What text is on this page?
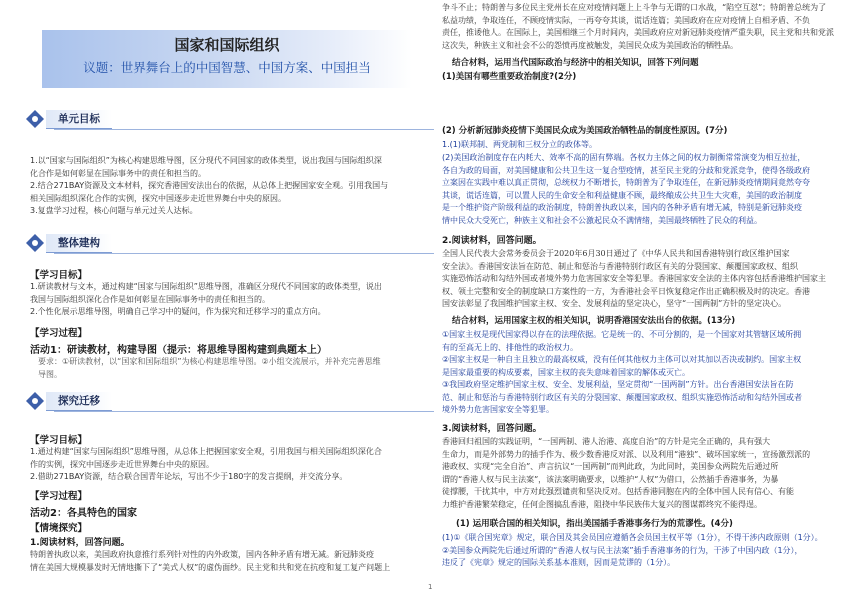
国家和国际组织
议题：世界舞台上的中国智慧、中国方案、中国担当
单元目标
1.以“国家与国际组织”为核心构建思维导图，区分现代不同国家的政体类型，说出我国与国际组织深
化合作是如何彰显在国际事务中的责任和担当的。
2.结合271BAY资源及文本材料，探究香港国安法出台的依据，从总体上把握国家安全观。引用我国与
相关国际组织深化合作的实例，探究中国逐步走近世界舞台中央的原因。
3.复盘学习过程，核心问题与单元过关人达标。
整体建构
【学习目标】
1.研读教材与文本，通过构建“国家与国际组织”思维导图，准确区分现代不同国家的政体类型，说出
我国与国际组织深化合作是如何彰显在国际事务中的责任和担当的。
2.个性化展示思维导图，明确自己学习中的疑问，作为探究和迁移学习的重点方向。
【学习过程】
活动1：研读教材，构建导图（提示：将思维导图构建到典题本上）
要求：①研读教材，以“国家和国际组织”为核心构建思维导图。②小组交流展示，并补充完善思维
导图。
探究迁移
【学习目标】
1.通过构建“国家与国际组织”思维导图，从总体上把握国家安全观，引用我国与相关国际组织深化合
作的实例，探究中国逐步走近世界舞台中央的原因。
2.借助271BAY资源，结合联合国青年论坛，写出不少于180字的发言提纲，并交流分享。
【学习过程】
活动2：各具特色的国家
【情境探究】
1.阅读材料，回答问题。
特朗普执政以来，美国政府执意推行系列针对性的内外政策，国内各种矛盾有增无减。新冠肺炎疫
情在美国大规模暴发时无情地撕下了“美式人权”的虚伪面纱。民主党和共和党在抗疫和复工复产问题上
争斗不止；特朗普与多位民主党州长在应对疫情问题上上斗争与无谓的口水战，“陷空互怼”；特朗普总统为了
私益功绩，争取连任，不顾疫情实际，一再夸夸其谈，谎话连篇；美国政府在应对疫情上自相矛盾、不负
责任，推诿他人。在国际上，美国相继三个月时间内，美国政府应对新冠肺炎疫情严重失职，民主党和共和党派
这次失，种族主义和社会不公的怨愤再度被触发，美国民众成为美国政治的牺牲品。
结合材料，运用当代国际政治与经济中的相关知识，回答下列问题
(1)美国有哪些重要政治制度?(2分)
(2) 分析新冠肺炎疫情下美国民众成为美国政治牺牲品的制度性原因。(7分)
1.(1)联邦制、两党制和三权分立的政体等。
(2)美国政治制度存在内耗大、效率不高的固有弊端。各权力主体之间的权力制衡常常演变为相互拉扯，
各自为政的局面，对美国健康和公共卫生这一复合型疫情，甚至民主党的分歧和党派竞争，使得各级政府
立案因在实践中难以真正贯彻，总统权力不断增长，特朗普为了争取连任，在新冠肺炎疫情期间竟然夸夸
其谈，谎话连篇，可以置人民的生命安全和利益健康不顾，最终酿成公共卫生大灾难，美国的政治制度
是一个维护资产阶级利益的政治制度，特朗普执政以来，国内的各种矛盾有增无减，特别是新冠肺炎疫
情中民众大受死亡，种族主义和社会不公激起民众不满情绪，美国最终牺牲了民众的利益。
2.阅读材料，回答问题。
全国人民代表大会常务委员会于2020年6月30日通过了《中华人民共和国香港特别行政区维护国家
安全法》。香港国安法旨在防范、制止和惩治与香港特别行政区有关的分裂国家、颠覆国家政权、组织
实施恐怖活动和勾结外国或者境外势力危害国家安全等犯罪。香港国家安全法的主体内容包括香港维护国家主
权、领土完整和安全的制度缺口方案性的一方，为香港社会平日恢复稳定作出正确积极及时的决定。香港
国安法彰显了我国维护国家主权、安全、发展利益的坚定决心，坚守“一国两制”方针的坚定决心。
结合材料，运用国家主权的相关知识，说明香港国安法出台的依据。(13分)
①国家主权是现代国家得以存在的法理依据。它是统一的、不可分割的，是一个国家对其管辖区域所拥
有的至高无上的、排他性的政治权力。
②国家主权是一种自主且独立的最高权威，没有任何其他权力主体可以对其加以否决或制约。国家主权
是国家最重要的构成要素，国家主权的丧失意味着国家的解体或灭亡。
③我国政府坚定维护国家主权、安全、发展利益，坚定贯彻“一国两制”方针。出台香港国安法旨在防
范、制止和惩治与香港特别行政区有关的分裂国家、颠覆国家政权、组织实施恐怖活动和勾结外国或者
境外势力危害国家安全等犯罪。
3.阅读材料，回答问题。
香港回归祖国的实践证明，“一国两制、港人治港、高度自治”的方针是完全正确的，具有强大
生命力，而是外部势力的插手作为、极少数香港反对派、以及利用“港独”、破坏国家统一，宣扬激烈派的
港政权、实现“完全自治”、声言抗议“一国两制”而判此政，为此同时，美国参众两院先后通过所
谓的“香港人权与民主法案”，该法案明确要求，以维护“人权”为借口，公然插手香港事务，为暴
徒撑腰，干扰其中，中方对此强烈谴责和坚决反对。包括香港同胞在内的全体中国人民有信心、有能
力维护香港繁荣稳定，任何企图搞乱香港，阻挠中华民族伟大复兴的图谋都终究不能得逞。
(1) 运用联合国的相关知识，指出美国插手香港事务行为的荒谬性。(4分)
(1)①《联合国宪章》规定，联合国及其会员国应遵循各会员国主权平等（1分），不得干涉内政原则（1分）。
②美国参众两院先后通过所谓的“香港人权与民主法案”插手香港事务的行为，干涉了中国内政（1分），
违反了《宪章》规定的国际关系基本准则，因而是荒谬的（1分）。
1
